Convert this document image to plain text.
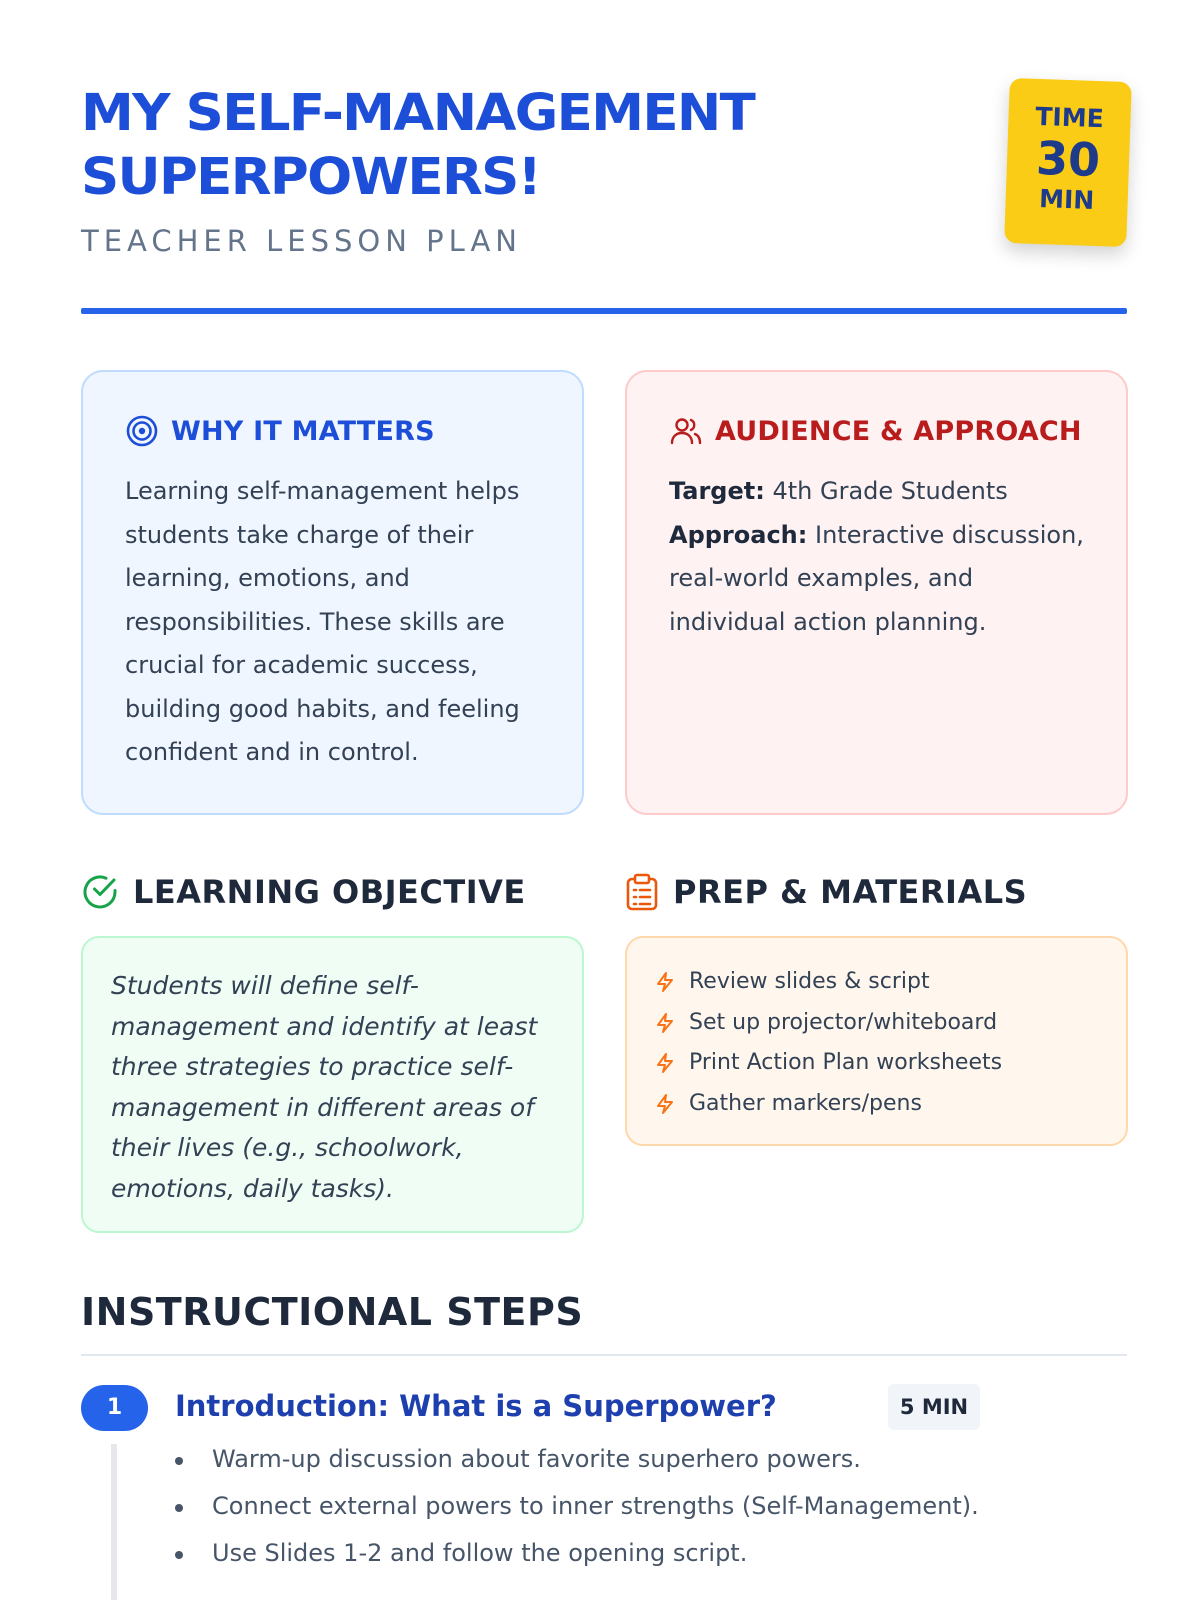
MY SELF-MANAGEMENT
SUPERPOWERS!
TEACHER LESSON PLAN
TIME
30
MIN
WHY IT MATTERS
Learning self-management helps students take charge of their learning, emotions, and responsibilities. These skills are crucial for academic success, building good habits, and feeling confident and in control.
AUDIENCE & APPROACH
Target: 4th Grade Students
Approach: Interactive discussion, real-world examples, and individual action planning.
LEARNING OBJECTIVE
Students will define self-management and identify at least three strategies to practice self-management in different areas of their lives (e.g., schoolwork, emotions, daily tasks).
PREP & MATERIALS
Review slides & script
Set up projector/whiteboard
Print Action Plan worksheets
Gather markers/pens
INSTRUCTIONAL STEPS
1	Introduction: What is a Superpower?	5 MIN
Warm-up discussion about favorite superhero powers.
Connect external powers to inner strengths (Self-Management).
Use Slides 1-2 and follow the opening script.
